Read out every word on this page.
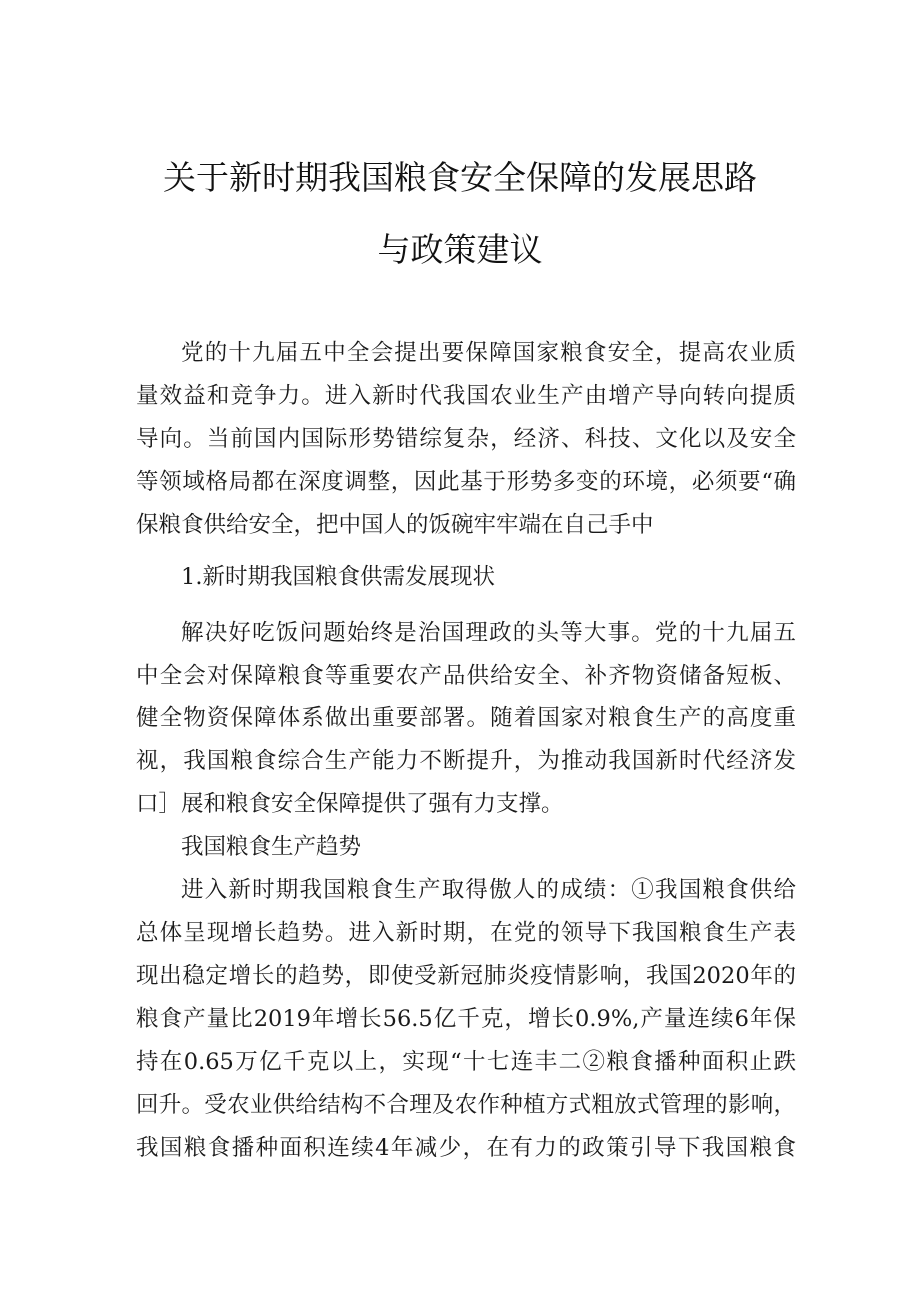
关于新时期我国粮食安全保障的发展思路
与政策建议
党的十九届五中全会提出要保障国家粮食安全，提高农业质
量效益和竞争力。进入新时代我国农业生产由增产导向转向提质
导向。当前国内国际形势错综复杂，经济、科技、文化以及安全
等领域格局都在深度调整，因此基于形势多变的环境，必须要“确
保粮食供给安全，把中国人的饭碗牢牢端在自己手中
1.新时期我国粮食供需发展现状
解决好吃饭问题始终是治国理政的头等大事。党的十九届五
中全会对保障粮食等重要农产品供给安全、补齐物资储备短板、
健全物资保障体系做出重要部署。随着国家对粮食生产的高度重
视，我国粮食综合生产能力不断提升，为推动我国新时代经济发
口］展和粮食安全保障提供了强有力支撑。
我国粮食生产趋势
进入新时期我国粮食生产取得傲人的成绩：①我国粮食供给
总体呈现增长趋势。进入新时期，在党的领导下我国粮食生产表
现出稳定增长的趋势，即使受新冠肺炎疫情影响，我国2020年的
粮食产量比2019年增长56.5亿千克，增长0.9%,产量连续6年保
持在0.65万亿千克以上，实现“十七连丰二②粮食播种面积止跌
回升。受农业供给结构不合理及农作种植方式粗放式管理的影响，
我国粮食播种面积连续4年减少，在有力的政策引导下我国粮食
